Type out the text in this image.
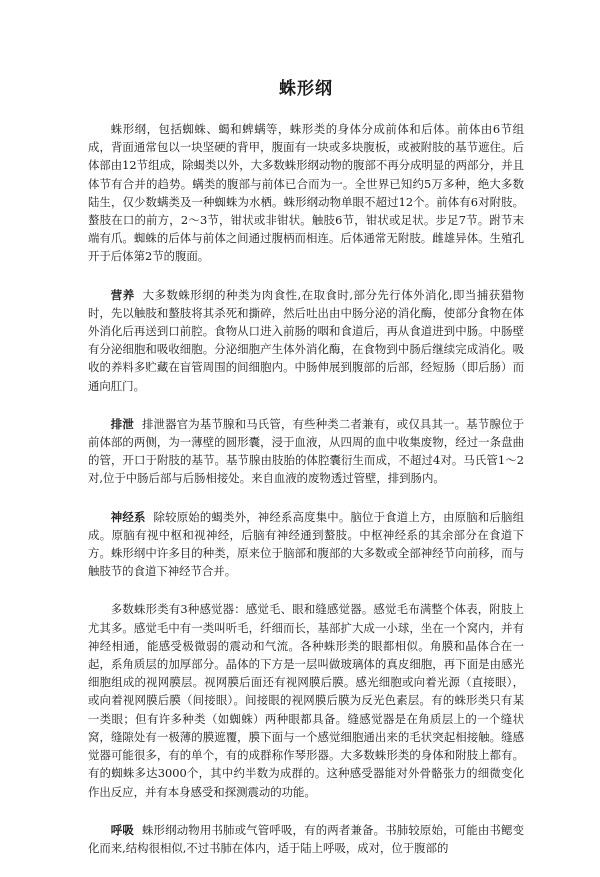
蛛形纲

蛛形纲，包括蜘蛛、蝎和蜱螨等，蛛形类的身体分成前体和后体。前体由6节组成，背面通常包以一块坚硬的背甲，腹面有一块或多块腹板，或被附肢的基节遮住。后体部由12节组成，除蝎类以外，大多数蛛形纲动物的腹部不再分成明显的两部分，并且体节有合并的趋势。螨类的腹部与前体已合而为一。全世界已知约5万多种，绝大多数陆生，仅少数螨类及一种蜘蛛为水栖。蛛形纲动物单眼不超过12个。前体有6对附肢。螯肢在口的前方，2～3节，钳状或非钳状。触肢6节，钳状或足状。步足7节。跗节末端有爪。蜘蛛的后体与前体之间通过腹柄而相连。后体通常无附肢。雌雄异体。生殖孔开于后体第2节的腹面。

营养 大多数蛛形纲的种类为肉食性,在取食时,部分先行体外消化,即当捕获猎物时，先以触肢和螯肢将其杀死和撕碎，然后吐出由中肠分泌的消化酶，使部分食物在体外消化后再送到口前腔。食物从口进入前肠的咽和食道后，再从食道进到中肠。中肠壁有分泌细胞和吸收细胞。分泌细胞产生体外消化酶，在食物到中肠后继续完成消化。吸收的养料多贮藏在盲管周围的间细胞内。中肠伸展到腹部的后部，经短肠（即后肠）而通向肛门。

排泄 排泄器官为基节腺和马氏管，有些种类二者兼有，或仅具其一。基节腺位于前体部的两侧，为一薄壁的圆形囊，浸于血液，从四周的血中收集废物，经过一条盘曲的管，开口于附肢的基节。基节腺由肢胎的体腔囊衍生而成，不超过4对。马氏管1～2对,位于中肠后部与后肠相接处。来自血液的废物透过管壁，排到肠内。

神经系 除较原始的蝎类外，神经系高度集中。脑位于食道上方，由原脑和后脑组成。原脑有视中枢和视神经，后脑有神经通到螯肢。中枢神经系的其余部分在食道下方。蛛形纲中许多目的种类，原来位于脑部和腹部的大多数或全部神经节向前移，而与触肢节的食道下神经节合并。

多数蛛形类有3种感觉器：感觉毛、眼和缝感觉器。感觉毛布满整个体表，附肢上尤其多。感觉毛中有一类叫听毛，纤细而长，基部扩大成一小球，坐在一个窝内，并有神经相通，能感受极微弱的震动和气流。各种蛛形类的眼都相似。角膜和晶体合在一起，系角质层的加厚部分。晶体的下方是一层叫做玻璃体的真皮细胞，再下面是由感光细胞组成的视网膜层。视网膜后面还有视网膜后膜。感光细胞或向着光源（直接眼），或向着视网膜后膜（间接眼）。间接眼的视网膜后膜为反光色素层。有的蛛形类只有某一类眼；但有许多种类（如蜘蛛）两种眼都具备。缝感觉器是在角质层上的一个缝状窝，缝隙处有一极薄的膜遮覆，膜下面与一个感觉细胞通出来的毛状突起相接触。缝感觉器可能很多，有的单个，有的成群称作琴形器。大多数蛛形类的身体和附肢上都有。有的蜘蛛多达3000个，其中约半数为成群的。这种感受器能对外骨骼张力的细微变化作出反应，并有本身感受和探测震动的功能。

呼吸 蛛形纲动物用书肺或气管呼吸，有的两者兼备。书肺较原始，可能由书鳃变化而来,结构很相似,不过书肺在体内，适于陆上呼吸，成对，位于腹部的
